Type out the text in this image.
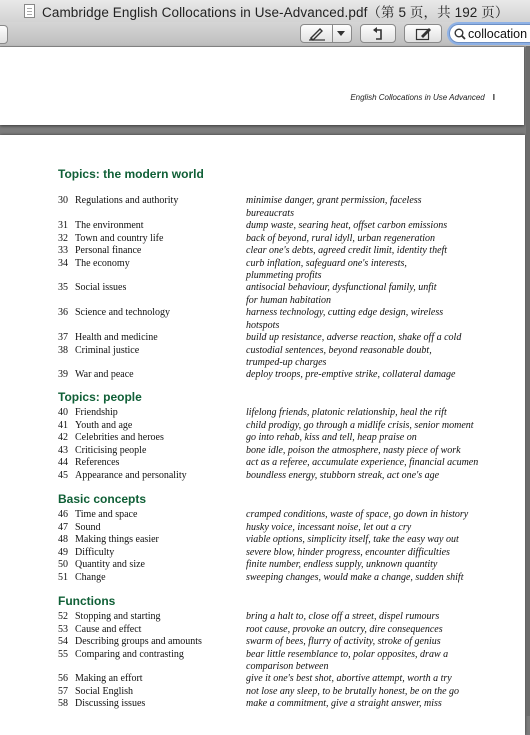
Cambridge English Collocations in Use-Advanced.pdf（第 5 页，共 192 页）
collocation
English Collocations in Use Advanced I
Topics: the modern world
30 Regulations and authority	minimise danger, grant permission, faceless
bureaucrats
31 The environment	dump waste, searing heat, offset carbon emissions
32 Town and country life	back of beyond, rural idyll, urban regeneration
33 Personal finance	clear one's debts, agreed credit limit, identity theft
34 The economy	curb inflation, safeguard one's interests,
plummeting profits
35 Social issues	antisocial behaviour, dysfunctional family, unfit
for human habitation
36 Science and technology	harness technology, cutting edge design, wireless
hotspots
37 Health and medicine	build up resistance, adverse reaction, shake off a cold
38 Criminal justice	custodial sentences, beyond reasonable doubt,
trumped-up charges
39 War and peace	deploy troops, pre-emptive strike, collateral damage
Topics: people
40 Friendship	lifelong friends, platonic relationship, heal the rift
41 Youth and age	child prodigy, go through a midlife crisis, senior moment
42 Celebrities and heroes	go into rehab, kiss and tell, heap praise on
43 Criticising people	bone idle, poison the atmosphere, nasty piece of work
44 References	act as a referee, accumulate experience, financial acumen
45 Appearance and personality	boundless energy, stubborn streak, act one's age
Basic concepts
46 Time and space	cramped conditions, waste of space, go down in history
47 Sound	husky voice, incessant noise, let out a cry
48 Making things easier	viable options, simplicity itself, take the easy way out
49 Difficulty	severe blow, hinder progress, encounter difficulties
50 Quantity and size	finite number, endless supply, unknown quantity
51 Change	sweeping changes, would make a change, sudden shift
Functions
52 Stopping and starting	bring a halt to, close off a street, dispel rumours
53 Cause and effect	root cause, provoke an outcry, dire consequences
54 Describing groups and amounts	swarm of bees, flurry of activity, stroke of genius
55 Comparing and contrasting	bear little resemblance to, polar opposites, draw a
comparison between
56 Making an effort	give it one's best shot, abortive attempt, worth a try
57 Social English	not lose any sleep, to be brutally honest, be on the go
58 Discussing issues	make a commitment, give a straight answer, miss
